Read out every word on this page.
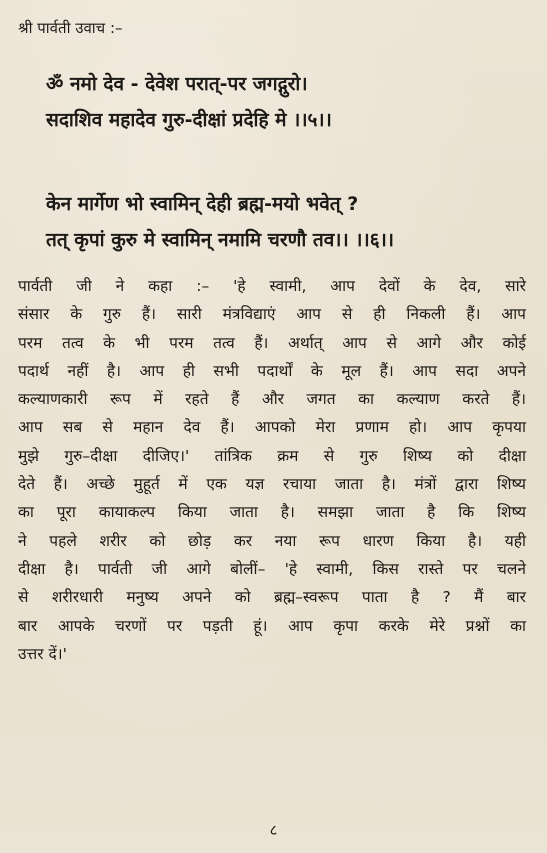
श्री पार्वती उवाच :–
ॐ नमो देव - देवेश परात्-पर जगद्गुरो।
सदाशिव महादेव गुरु-दीक्षां प्रदेहि मे ।।५।।
केन मार्गेण भो स्वामिन् देही ब्रह्म-मयो भवेत् ?
तत् कृपां कुरु मे स्वामिन् नमामि चरणौ तव।। ।।६।।
पार्वती जी ने कहा :– 'हे स्वामी, आप देवों के देव, सारे
संसार के गुरु हैं। सारी मंत्रविद्याएं आप से ही निकली हैं। आप
परम तत्व के भी परम तत्व हैं। अर्थात् आप से आगे और कोई
पदार्थ नहीं है। आप ही सभी पदार्थों के मूल हैं। आप सदा अपने
कल्याणकारी रूप में रहते हैं और जगत का कल्याण करते हैं।
आप सब से महान देव हैं। आपको मेरा प्रणाम हो। आप कृपया
मुझे गुरु–दीक्षा दीजिए।' तांत्रिक क्रम से गुरु शिष्य को दीक्षा
देते हैं। अच्छे मुहूर्त में एक यज्ञ रचाया जाता है। मंत्रों द्वारा शिष्य
का पूरा कायाकल्प किया जाता है। समझा जाता है कि शिष्य
ने पहले शरीर को छोड़ कर नया रूप धारण किया है। यही
दीक्षा है। पार्वती जी आगे बोलीं– 'हे स्वामी, किस रास्ते पर चलने
से शरीरधारी मनुष्य अपने को ब्रह्म–स्वरूप पाता है ? मैं बार
बार आपके चरणों पर पड़ती हूं। आप कृपा करके मेरे प्रश्नों का
उत्तर दें।'
८
